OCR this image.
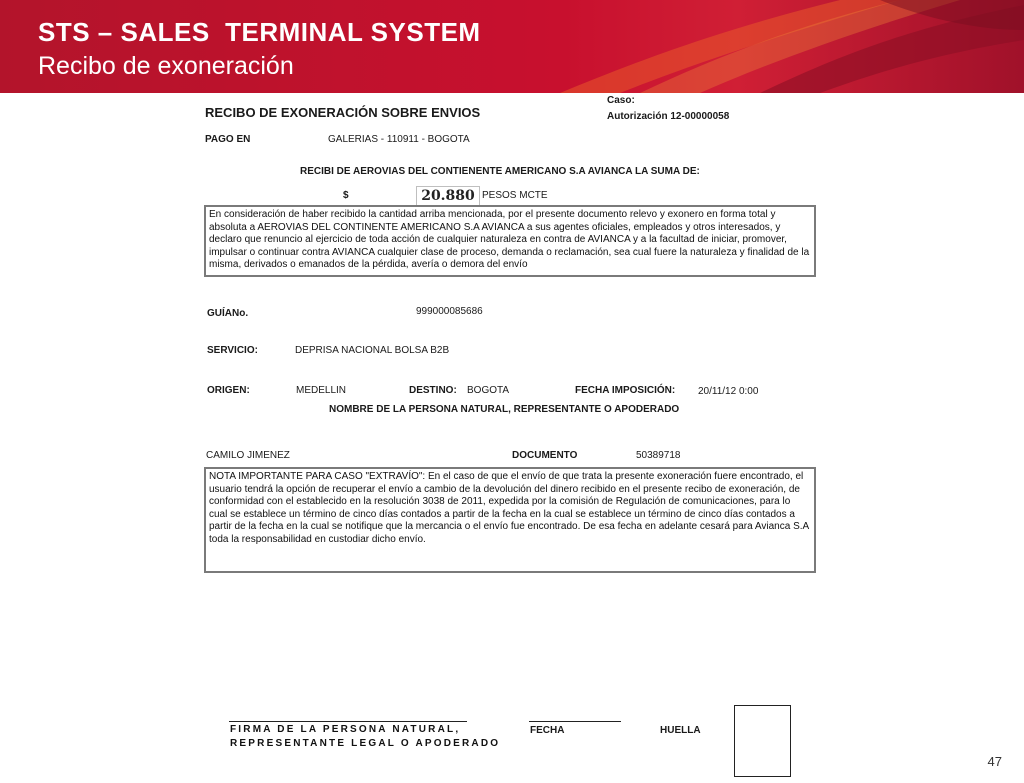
STS – SALES  TERMINAL SYSTEM
Recibo de exoneración
RECIBO DE EXONERACIÓN SOBRE ENVIOS
Caso:
Autorización 12-00000058
PAGO EN	GALERIAS - 110911 - BOGOTA
RECIBI DE AEROVIAS DEL CONTIENENTE AMERICANO S.A AVIANCA LA SUMA DE:
$	20.880 PESOS MCTE
En consideración de haber recibido la cantidad arriba mencionada, por el presente documento relevo y exonero en forma total y absoluta a AEROVIAS DEL CONTINENTE AMERICANO S.A AVIANCA a sus agentes oficiales, empleados y otros interesados, y declaro que renuncio al ejercicio de toda acción de cualquier naturaleza en contra de AVIANCA y a la facultad de iniciar, promover, impulsar o continuar contra AVIANCA cualquier clase de proceso, demanda o reclamación, sea cual fuere la naturaleza y finalidad de la misma, derivados o emanados de la pérdida, avería o demora del envío
GUÍANo.	999000085686
SERVICIO:	DEPRISA NACIONAL BOLSA B2B
ORIGEN:	MEDELLIN	DESTINO: BOGOTA	FECHA IMPOSICIÓN: 20/11/12 0:00
NOMBRE DE LA PERSONA NATURAL, REPRESENTANTE O APODERADO
CAMILO JIMENEZ	DOCUMENTO	50389718
NOTA IMPORTANTE PARA CASO "EXTRAVÍO": En el caso de que el envío de que trata la presente exoneración fuere encontrado, el usuario tendrá la opción de recuperar el envío a cambio de la devolución del dinero recibido en el presente recibo de exoneración, de conformidad con el establecido en la resolución 3038 de 2011, expedida por la comisión de Regulación de comunicaciones, para lo cual se establece un término de cinco días contados a partir de la fecha en la cual se establece un término de cinco días contados a partir de la fecha en la cual se notifique que la mercancia o el envío fue encontrado. De esa fecha en adelante cesará para Avianca S.A toda la responsabilidad en custodiar dicho envío.
FIRMA DE LA PERSONA NATURAL,
REPRESENTANTE LEGAL O APODERADO
FECHA	HUELLA
47
